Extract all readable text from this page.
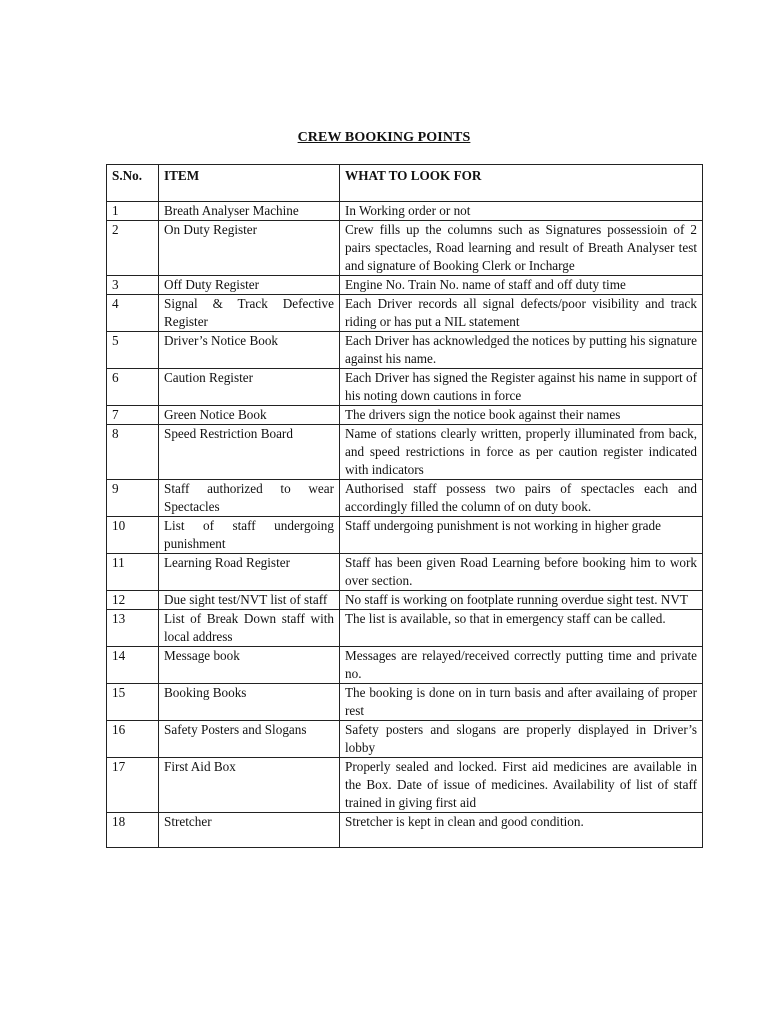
CREW BOOKING POINTS
S.No.	ITEM	WHAT TO LOOK FOR
1	Breath Analyser Machine	In Working order or not
2	On Duty Register	Crew fills up the columns such as Signatures possessioin of 2 pairs spectacles, Road learning and result of Breath Analyser test and signature of Booking Clerk or Incharge
3	Off Duty Register	Engine No. Train No. name of staff and off duty time
4	Signal & Track Defective Register	Each Driver records all signal defects/poor visibility and track riding or has put a NIL statement
5	Driver’s Notice Book	Each Driver has acknowledged the notices by putting his signature against his name.
6	Caution Register	Each Driver has signed the Register against his name in support of his noting down cautions in force
7	Green Notice Book	The drivers sign the notice book against their names
8	Speed Restriction Board	Name of stations clearly written, properly illuminated from back, and speed restrictions in force as per caution register indicated with indicators
9	Staff authorized to wear Spectacles	Authorised staff possess two pairs of spectacles each and accordingly filled the column of on duty book.
10	List of staff undergoing punishment	Staff undergoing punishment is not working in higher grade
11	Learning Road Register	Staff has been given Road Learning before booking him to work over section.
12	Due sight test/NVT list of staff	No staff is working on footplate running overdue sight test. NVT
13	List of Break Down staff with local address	The list is available, so that in emergency staff can be called.
14	Message book	Messages are relayed/received correctly putting time and private no.
15	Booking Books	The booking is done on in turn basis and after availaing of proper rest
16	Safety Posters and Slogans	Safety posters and slogans are properly displayed in Driver’s lobby
17	First Aid Box	Properly sealed and locked. First aid medicines are available in the Box. Date of issue of medicines. Availability of list of staff trained in giving first aid
18	Stretcher	Stretcher is kept in clean and good condition.
